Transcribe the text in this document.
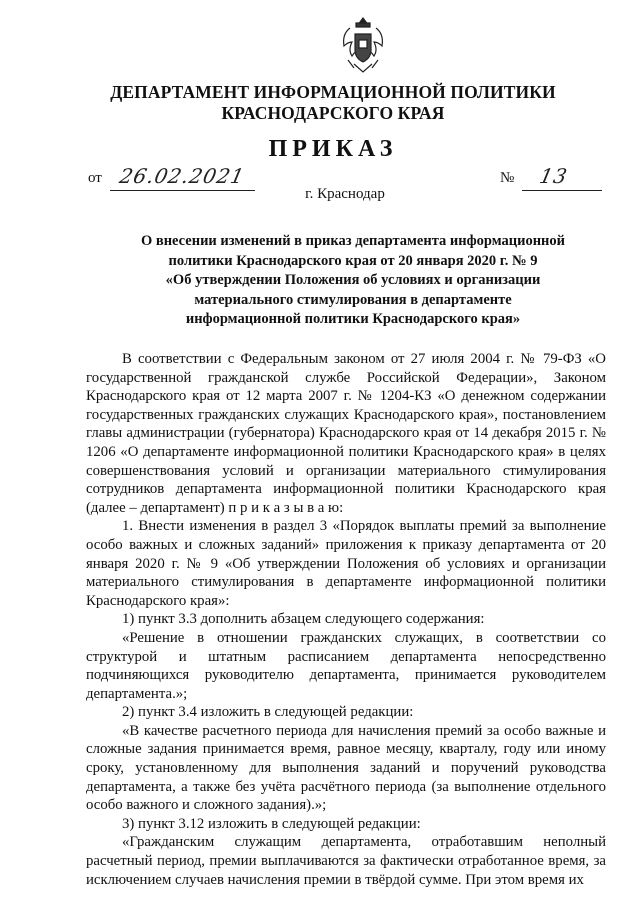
ДЕПАРТАМЕНТ ИНФОРМАЦИОННОЙ ПОЛИТИКИ
КРАСНОДАРСКОГО КРАЯ
ПРИКАЗ
от 26.02.2021	№ 13
г. Краснодар
О внесении изменений в приказ департамента информационной
политики Краснодарского края от 20 января 2020 г. № 9
«Об утверждении Положения об условиях и организации
материального стимулирования в департаменте
информационной политики Краснодарского края»

В соответствии с Федеральным законом от 27 июля 2004 г. № 79-ФЗ «О государственной гражданской службе Российской Федерации», Законом Краснодарского края от 12 марта 2007 г. № 1204-КЗ «О денежном содержании государственных гражданских служащих Краснодарского края», постановлением главы администрации (губернатора) Краснодарского края от 14 декабря 2015 г. № 1206 «О департаменте информационной политики Краснодарского края» в целях совершенствования условий и организации материального стимулирования сотрудников департамента информационной политики Краснодарского края (далее – департамент) п р и к а з ы в а ю:

1. Внести изменения в раздел 3 «Порядок выплаты премий за выполнение особо важных и сложных заданий» приложения к приказу департамента от 20 января 2020 г. № 9 «Об утверждении Положения об условиях и организации материального стимулирования в департаменте информационной политики Краснодарского края»:

1) пункт 3.3 дополнить абзацем следующего содержания:

«Решение в отношении гражданских служащих, в соответствии со структурой и штатным расписанием департамента непосредственно подчиняющихся руководителю департамента, принимается руководителем департамента.»;

2) пункт 3.4 изложить в следующей редакции:

«В качестве расчетного периода для начисления премий за особо важные и сложные задания принимается время, равное месяцу, кварталу, году или иному сроку, установленному для выполнения заданий и поручений руководства департамента, а также без учёта расчётного периода (за выполнение отдельного особо важного и сложного задания).»;

3) пункт 3.12 изложить в следующей редакции:

«Гражданским служащим департамента, отработавшим неполный расчетный период, премии выплачиваются за фактически отработанное время, за исключением случаев начисления премии в твёрдой сумме. При этом время их
